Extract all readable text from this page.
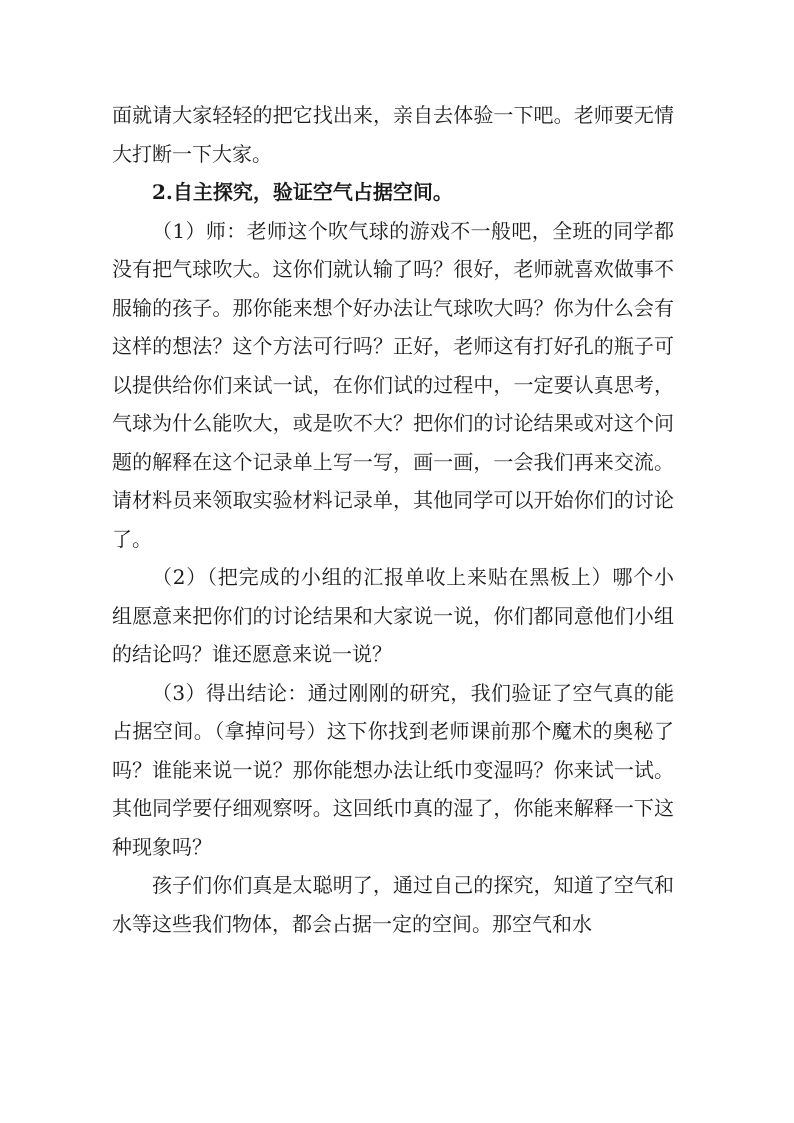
面就请大家轻轻的把它找出来，亲自去体验一下吧。老师要无情大打断一下大家。

2.自主探究，验证空气占据空间。

（1）师：老师这个吹气球的游戏不一般吧，全班的同学都没有把气球吹大。这你们就认输了吗？很好，老师就喜欢做事不服输的孩子。那你能来想个好办法让气球吹大吗？你为什么会有这样的想法？这个方法可行吗？正好，老师这有打好孔的瓶子可以提供给你们来试一试，在你们试的过程中，一定要认真思考，气球为什么能吹大，或是吹不大？把你们的讨论结果或对这个问题的解释在这个记录单上写一写，画一画，一会我们再来交流。请材料员来领取实验材料记录单，其他同学可以开始你们的讨论了。

（2）（把完成的小组的汇报单收上来贴在黑板上）哪个小组愿意来把你们的讨论结果和大家说一说，你们都同意他们小组的结论吗？谁还愿意来说一说？

（3）得出结论：通过刚刚的研究，我们验证了空气真的能占据空间。（拿掉问号）这下你找到老师课前那个魔术的奥秘了吗？谁能来说一说？那你能想办法让纸巾变湿吗？你来试一试。其他同学要仔细观察呀。这回纸巾真的湿了，你能来解释一下这种现象吗？

孩子们你们真是太聪明了，通过自己的探究，知道了空气和水等这些我们物体，都会占据一定的空间。那空气和水
